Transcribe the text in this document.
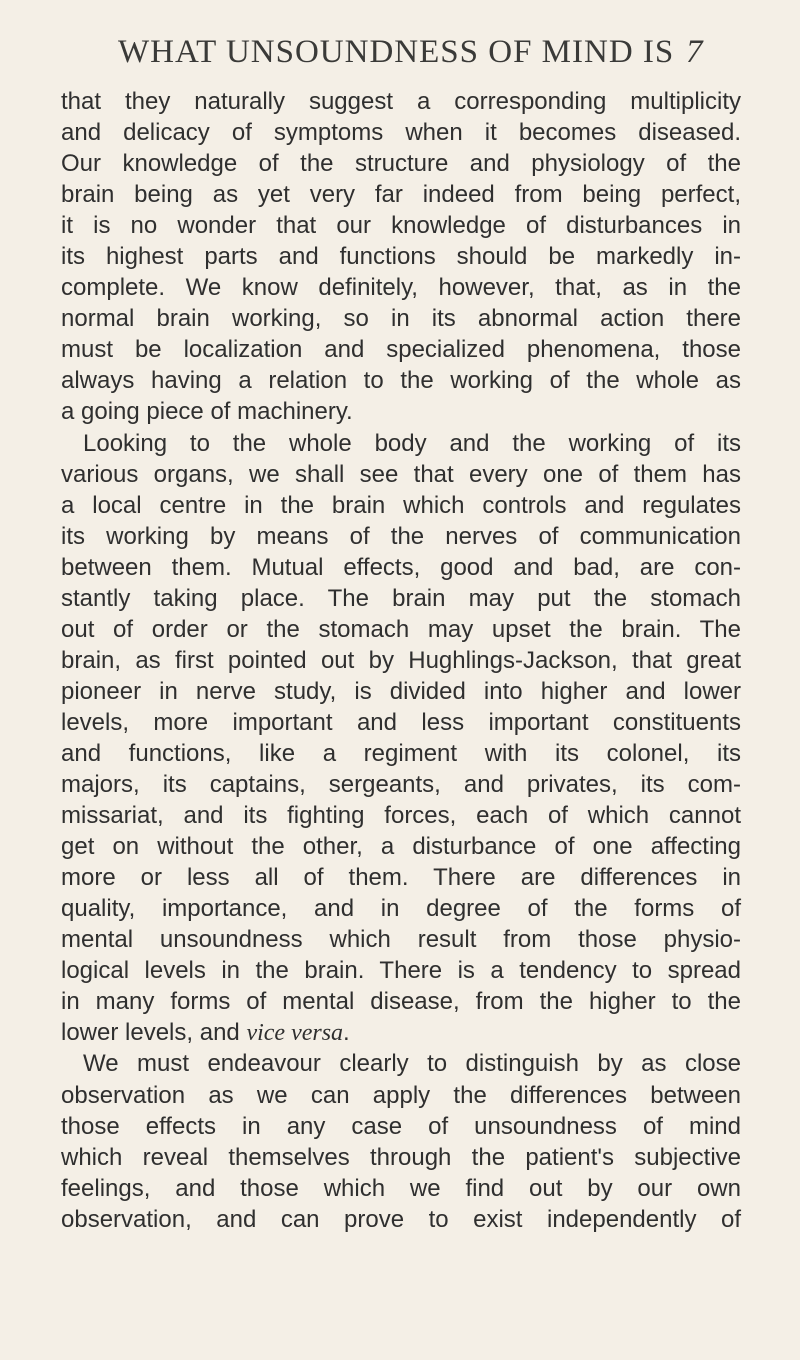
WHAT UNSOUNDNESS OF MIND IS 7
that they naturally suggest a corresponding multiplicity
and delicacy of symptoms when it becomes diseased.
Our knowledge of the structure and physiology of the
brain being as yet very far indeed from being perfect,
it is no wonder that our knowledge of disturbances in
its highest parts and functions should be markedly in-
complete. We know definitely, however, that, as in the
normal brain working, so in its abnormal action there
must be localization and specialized phenomena, those
always having a relation to the working of the whole as
a going piece of machinery.
Looking to the whole body and the working of its
various organs, we shall see that every one of them has
a local centre in the brain which controls and regulates
its working by means of the nerves of communication
between them. Mutual effects, good and bad, are con-
stantly taking place. The brain may put the stomach
out of order or the stomach may upset the brain. The
brain, as first pointed out by Hughlings-Jackson, that great
pioneer in nerve study, is divided into higher and lower
levels, more important and less important constituents
and functions, like a regiment with its colonel, its
majors, its captains, sergeants, and privates, its com-
missariat, and its fighting forces, each of which cannot
get on without the other, a disturbance of one affecting
more or less all of them. There are differences in
quality, importance, and in degree of the forms of
mental unsoundness which result from those physio-
logical levels in the brain. There is a tendency to spread
in many forms of mental disease, from the higher to the
lower levels, and vice versa.
We must endeavour clearly to distinguish by as close
observation as we can apply the differences between
those effects in any case of unsoundness of mind
which reveal themselves through the patient's subjective
feelings, and those which we find out by our own
observation, and can prove to exist independently of
